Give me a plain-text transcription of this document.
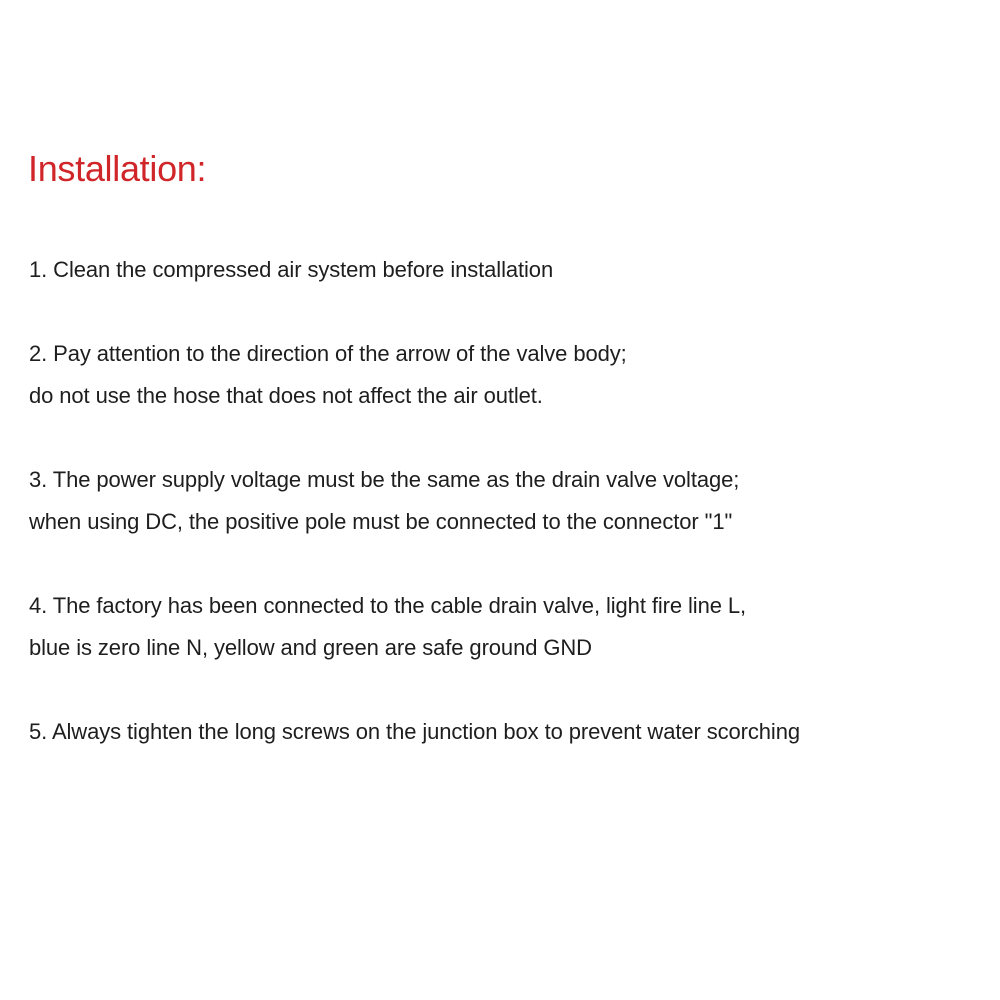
Installation:

1. Clean the compressed air system before installation

2. Pay attention to the direction of the arrow of the valve body;

do not use the hose that does not affect the air outlet.

3. The power supply voltage must be the same as the drain valve voltage;

when using DC, the positive pole must be connected to the connector "1"

4. The factory has been connected to the cable drain valve, light fire line L,

blue is zero line N, yellow and green are safe ground GND

5. Always tighten the long screws on the junction box to prevent water scorching
